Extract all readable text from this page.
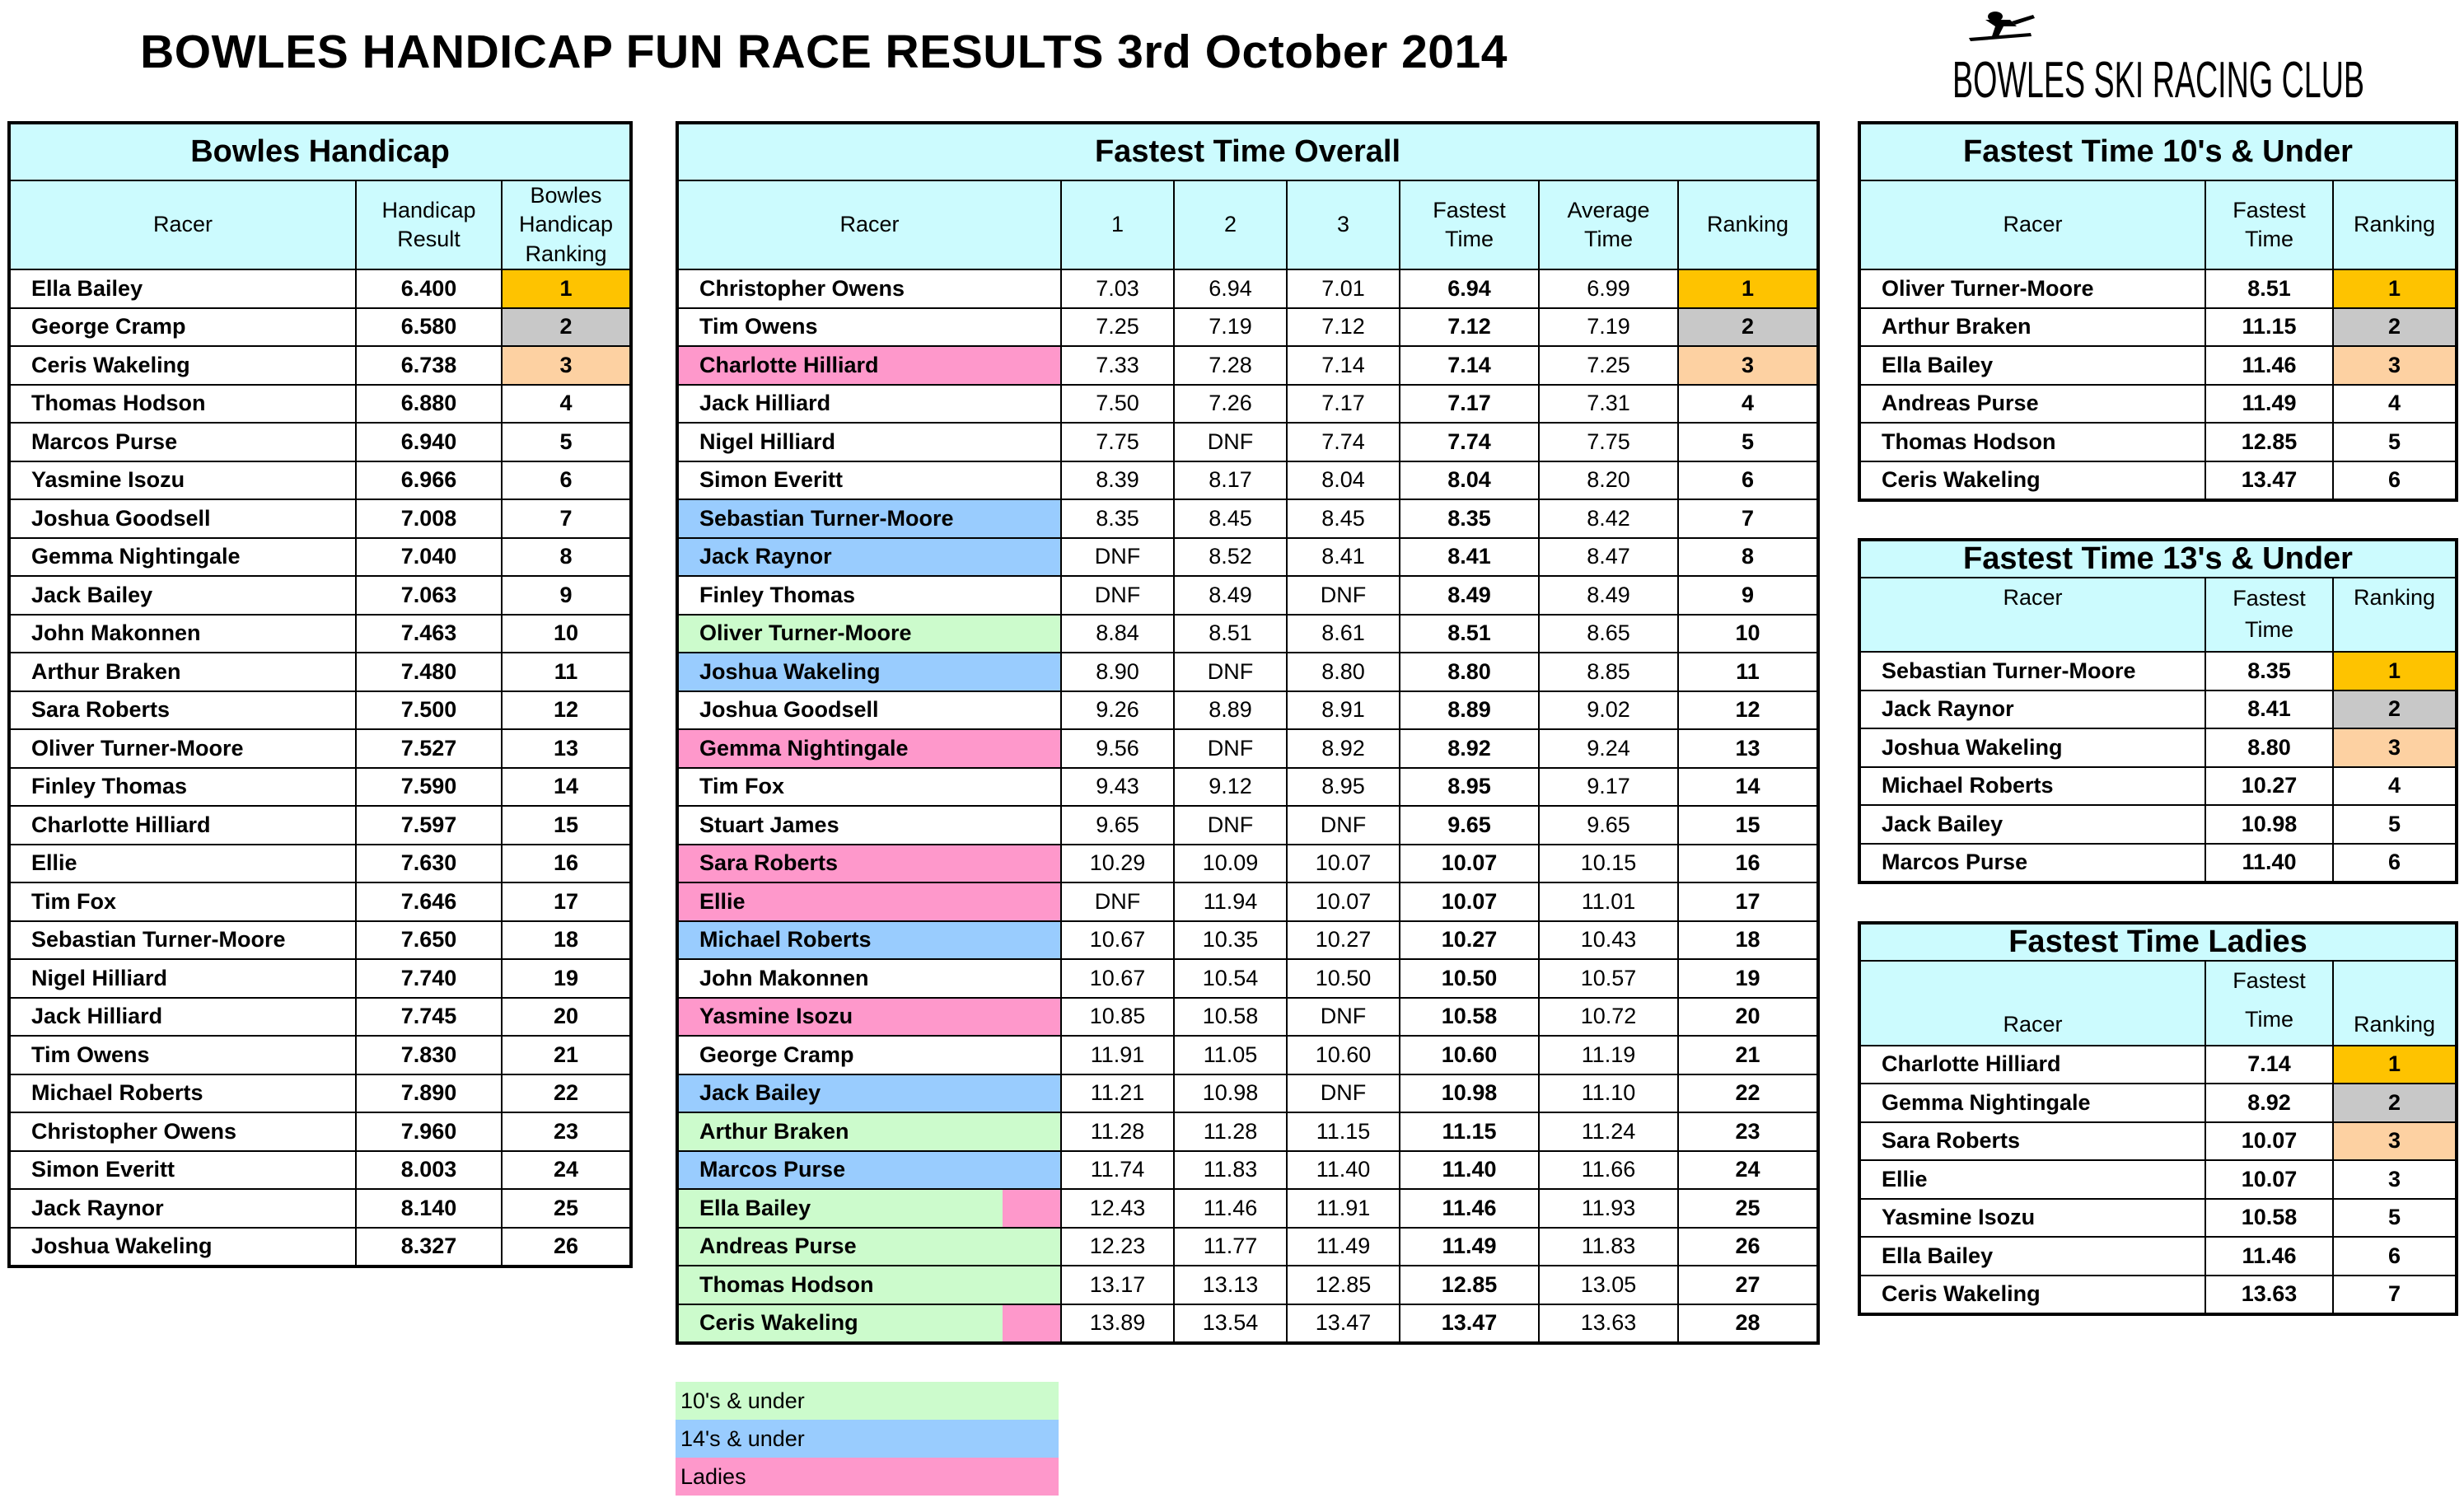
BOWLES HANDICAP FUN RACE RESULTS 3rd October 2014	BOWLES SKI RACING CLUB
Bowles Handicap		
Racer	Handicap Result	Bowles Handicap Ranking
Ella Bailey	6.400	1
George Cramp	6.580	2
Ceris Wakeling	6.738	3
Thomas Hodson	6.880	4
Marcos Purse	6.940	5
Yasmine Isozu	6.966	6
Joshua Goodsell	7.008	7
Gemma Nightingale	7.040	8
Jack Bailey	7.063	9
John Makonnen	7.463	10
Arthur Braken	7.480	11
Sara Roberts	7.500	12
Oliver Turner-Moore	7.527	13
Finley Thomas	7.590	14
Charlotte Hilliard	7.597	15
Ellie	7.630	16
Tim Fox	7.646	17
Sebastian Turner-Moore	7.650	18
Nigel Hilliard	7.740	19
Jack Hilliard	7.745	20
Tim Owens	7.830	21
Michael Roberts	7.890	22
Christopher Owens	7.960	23
Simon Everitt	8.003	24
Jack Raynor	8.140	25
Joshua Wakeling	8.327	26
Fastest Time Overall						
Racer	1	2	3	Fastest Time	Average Time	Ranking
Christopher Owens	7.03	6.94	7.01	6.94	6.99	1
Tim Owens	7.25	7.19	7.12	7.12	7.19	2
Charlotte Hilliard	7.33	7.28	7.14	7.14	7.25	3
Jack Hilliard	7.50	7.26	7.17	7.17	7.31	4
Nigel Hilliard	7.75	DNF	7.74	7.74	7.75	5
Simon Everitt	8.39	8.17	8.04	8.04	8.20	6
Sebastian Turner-Moore	8.35	8.45	8.45	8.35	8.42	7
Jack Raynor	DNF	8.52	8.41	8.41	8.47	8
Finley Thomas	DNF	8.49	DNF	8.49	8.49	9
Oliver Turner-Moore	8.84	8.51	8.61	8.51	8.65	10
Joshua Wakeling	8.90	DNF	8.80	8.80	8.85	11
Joshua Goodsell	9.26	8.89	8.91	8.89	9.02	12
Gemma Nightingale	9.56	DNF	8.92	8.92	9.24	13
Tim Fox	9.43	9.12	8.95	8.95	9.17	14
Stuart James	9.65	DNF	DNF	9.65	9.65	15
Sara Roberts	10.29	10.09	10.07	10.07	10.15	16
Ellie	DNF	11.94	10.07	10.07	11.01	17
Michael Roberts	10.67	10.35	10.27	10.27	10.43	18
John Makonnen	10.67	10.54	10.50	10.50	10.57	19
Yasmine Isozu	10.85	10.58	DNF	10.58	10.72	20
George Cramp	11.91	11.05	10.60	10.60	11.19	21
Jack Bailey	11.21	10.98	DNF	10.98	11.10	22
Arthur Braken	11.28	11.28	11.15	11.15	11.24	23
Marcos Purse	11.74	11.83	11.40	11.40	11.66	24

Ella Bailey	12.43	11.46	11.91	11.46	11.93	25
Andreas Purse	12.23	11.77	11.49	11.49	11.83	26
Thomas Hodson	13.17	13.13	12.85	12.85	13.05	27

Ceris Wakeling	13.89	13.54	13.47	13.47	13.63	28
Fastest Time 10's & Under		
Racer	Fastest Time	Ranking
Oliver Turner-Moore	8.51	1
Arthur Braken	11.15	2
Ella Bailey	11.46	3
Andreas Purse	11.49	4
Thomas Hodson	12.85	5
Ceris Wakeling	13.47	6
Fastest Time 13's & Under		
Racer	Fastest Time	Ranking
Sebastian Turner-Moore	8.35	1
Jack Raynor	8.41	2
Joshua Wakeling	8.80	3
Michael Roberts	10.27	4
Jack Bailey	10.98	5
Marcos Purse	11.40	6
Fastest Time Ladies		
Racer	Fastest Time	Ranking
Charlotte Hilliard	7.14	1
Gemma Nightingale	8.92	2
Sara Roberts	10.07	3
Ellie	10.07	3
Yasmine Isozu	10.58	5
Ella Bailey	11.46	6
Ceris Wakeling	13.63	7
10's & under
14's & under
Ladies
